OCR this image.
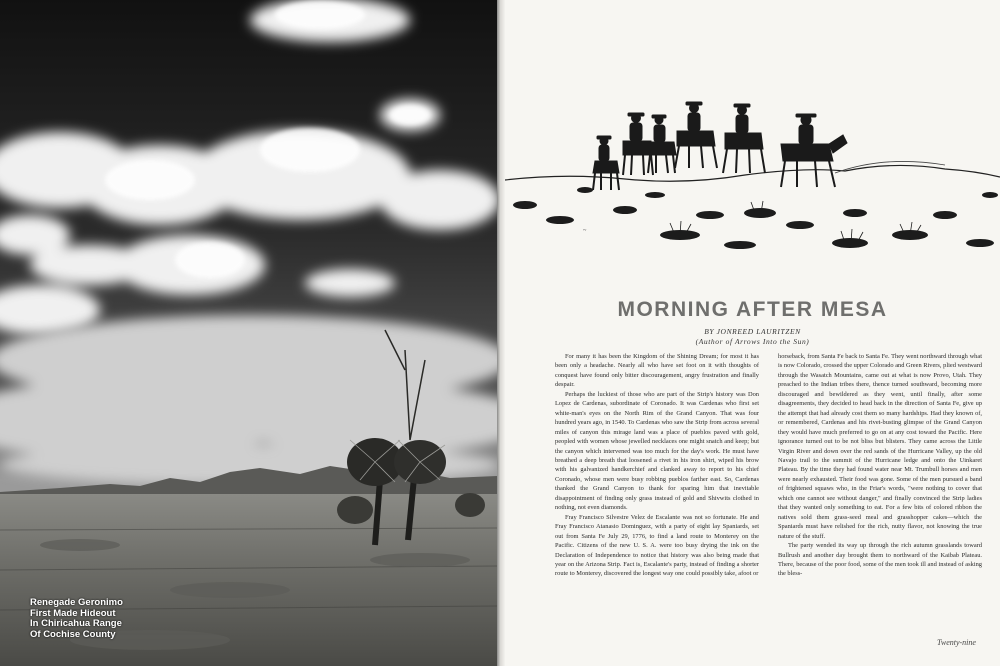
Renegade Geronimo
First Made Hideout
In Chiricahua Range
Of Cochise County
~
MORNING AFTER MESA
BY JONREED LAURITZEN
(Author of Arrows Into the Sun)

For many it has been the Kingdom of the Shining Dream; for most it has been only a headache. Nearly all who have set foot on it with thoughts of conquest have found only bitter discouragement, angry frustration and finally despair.

Perhaps the luckiest of those who are part of the Strip's history was Don Lopez de Cardenas, subordinate of Coronado. It was Cardenas who first set white-man's eyes on the North Rim of the Grand Canyon. That was four hundred years ago, in 1540. To Cardenas who saw the Strip from across several miles of canyon this mirage land was a place of pueblos paved with gold, peopled with women whose jewelled necklaces one might snatch and keep; but the canyon which intervened was too much for the day's work. He must have breathed a deep breath that loosened a rivet in his iron shirt, wiped his brow with his galvanized handkerchief and clanked away to report to his chief Coronado, whose men were busy robbing pueblos farther east. So, Cardenas thanked the Grand Canyon to thank for sparing him that inevitable disappointment of finding only grass instead of gold and Shivwits clothed in nothing, not even diamonds.

Fray Francisco Silvestre Velez de Escalante was not so fortunate. He and Fray Francisco Atanasio Dominguez, with a party of eight lay Spaniards, set out from Santa Fe July 29, 1776, to find a land route to Monterey on the Pacific. Citizens of the new U. S. A. were too busy drying the ink on the Declaration of Independence to notice that history was also being made that year on the Arizona Strip. Fact is, Escalante's party, instead of finding a shorter route to Monterey, discovered the longest way one could possibly take, afoot or

horseback, from Santa Fe back to Santa Fe. They went northward through what is now Colorado, crossed the upper Colorado and Green Rivers, plied westward through the Wasatch Mountains, came out at what is now Provo, Utah. They preached to the Indian tribes there, thence turned southward, becoming more discouraged and bewildered as they went, until finally, after some disagreements, they decided to head back in the direction of Santa Fe, give up the attempt that had already cost them so many hardships. Had they known of, or remembered, Cardenas and his rivet-busting glimpse of the Grand Canyon they would have much preferred to go on at any cost toward the Pacific. Here ignorance turned out to be not bliss but blisters. They came across the Little Virgin River and down over the red sands of the Hurricane Valley, up the old Navajo trail to the summit of the Hurricane ledge and onto the Uinkaret Plateau. By the time they had found water near Mt. Trumbull horses and men were nearly exhausted. Their food was gone. Some of the men pursued a band of frightened squaws who, in the Friar's words, "were nothing to cover that which one cannot see without danger," and finally convinced the Strip ladies that they wanted only something to eat. For a few bits of colored ribbon the natives sold them grass-seed meal and grasshopper cakes—which the Spaniards must have relished for the rich, nutty flavor, not knowing the true nature of the stuff.

The party wended its way up through the rich autumn grasslands toward Bullrush and another day brought them to northward of the Kaibab Plateau. There, because of the poor food, some of the men took ill and instead of asking the bless-

Twenty-nine
